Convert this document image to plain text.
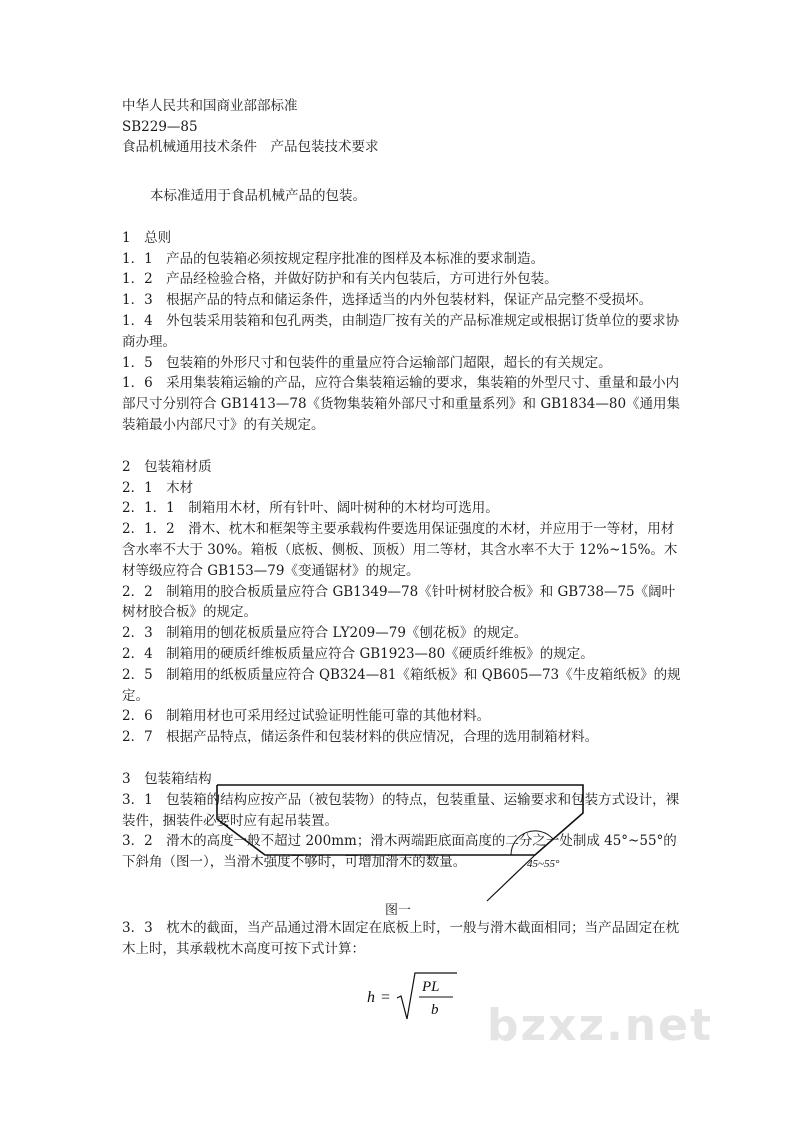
中华人民共和国商业部部标准
SB229—85
食品机械通用技术条件　产品包装技术要求

本标准适用于食品机械产品的包装。

1　总则

1．1　产品的包装箱必须按规定程序批准的图样及本标准的要求制造。

1．2　产品经检验合格，并做好防护和有关内包装后，方可进行外包装。

1．3　根据产品的特点和储运条件，选择适当的内外包装材料，保证产品完整不受损坏。

1．4　外包装采用装箱和包孔两类，由制造厂按有关的产品标准规定或根据订货单位的要求协商办理。

1．5　包装箱的外形尺寸和包装件的重量应符合运输部门超限，超长的有关规定。

1．6　采用集装箱运输的产品，应符合集装箱运输的要求，集装箱的外型尺寸、重量和最小内部尺寸分别符合 GB1413—78《货物集装箱外部尺寸和重量系列》和 GB1834—80《通用集装箱最小内部尺寸》的有关规定。

2　包装箱材质

2．1　木材

2．1．1　制箱用木材，所有针叶、阔叶树种的木材均可选用。

2．1．2　滑木、枕木和框架等主要承载构件要选用保证强度的木材，并应用于一等材，用材含水率不大于 30%。箱板（底板、侧板、顶板）用二等材，其含水率不大于 12%~15%。木材等级应符合 GB153—79《变通锯材》的规定。

2．2　制箱用的胶合板质量应符合 GB1349—78《针叶树材胶合板》和 GB738—75《阔叶树材胶合板》的规定。

2．3　制箱用的刨花板质量应符合 LY209—79《刨花板》的规定。

2．4　制箱用的硬质纤维板质量应符合 GB1923—80《硬质纤维板》的规定。

2．5　制箱用的纸板质量应符合 QB324—81《箱纸板》和 QB605—73《牛皮箱纸板》的规定。

2．6　制箱用材也可采用经过试验证明性能可靠的其他材料。

2．7　根据产品特点，储运条件和包装材料的供应情况，合理的选用制箱材料。

3　包装箱结构

3．1　包装箱的结构应按产品（被包装物）的特点，包装重量、运输要求和包装方式设计，裸装件，捆装件必要时应有起吊装置。

3．2　滑木的高度一般不超过 200mm；滑木两端距底面高度的二分之一处制成 45°~55°的下斜角（图一），当滑木强度不够时，可增加滑木的数量。	45~55°
图一

3．3　枕木的截面，当产品通过滑木固定在底板上时，一般与滑木截面相同；当产品固定在枕木上时，其承载枕木高度可按下式计算：

h =
PL
b bzxz.net
